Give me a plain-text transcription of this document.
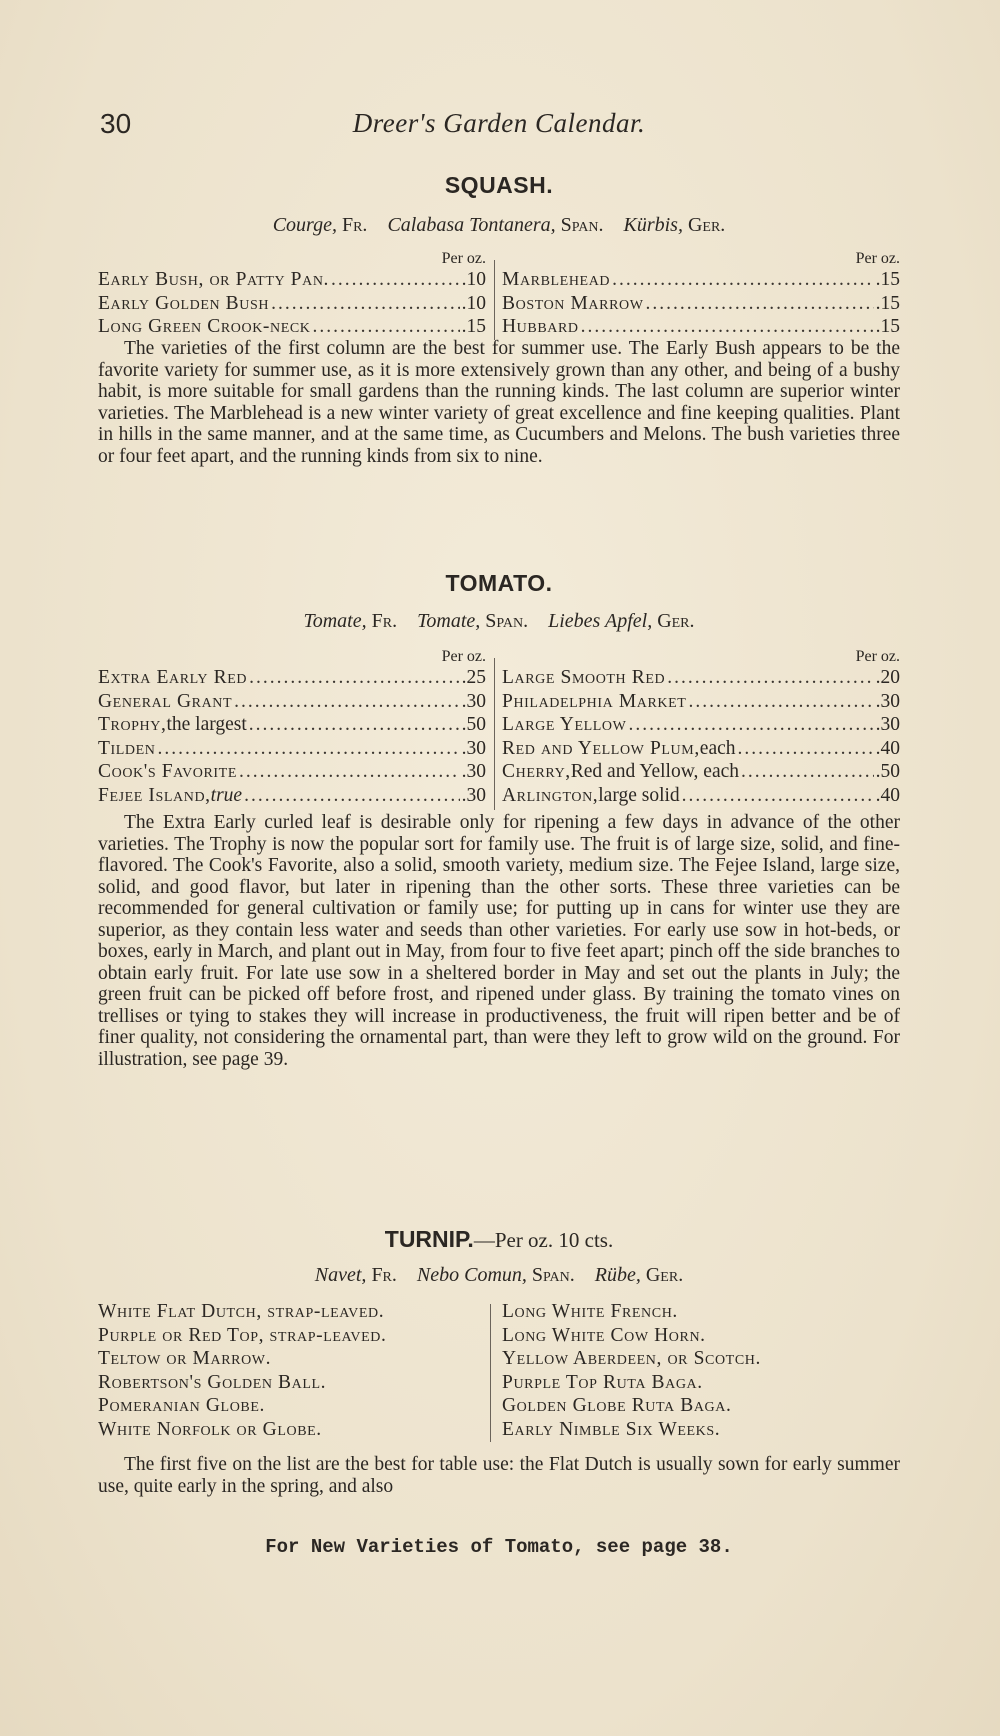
30	Dreer's Garden Calendar.
SQUASH.
Courge, Fr. Calabasa Tontanera, Span. Kürbis, Ger.
Per oz.
Early Bush, or Patty Pan. .....	.10
Early Golden Bush .....	.10
Long Green Crook-neck .....	.15
Per oz.
Marblehead .....	.15
Boston Marrow .....	.15
Hubbard .....	.15

The varieties of the first column are the best for summer use. The Early Bush appears to be the favorite variety for summer use, as it is more extensively grown than any other, and being of a bushy habit, is more suitable for small gardens than the running kinds. The last column are superior winter varieties. The Marblehead is a new winter variety of great excellence and fine keeping qualities. Plant in hills in the same manner, and at the same time, as Cucumbers and Melons. The bush varieties three or four feet apart, and the running kinds from six to nine.

TOMATO.
Tomate, Fr. Tomate, Span. Liebes Apfel, Ger.
Per oz.
Extra Early Red .....	.25
General Grant .....	.30
Trophy, the largest .....	.50
Tilden .....	.30
Cook's Favorite .....	.30
Fejee Island, true .....	.30
Per oz.
Large Smooth Red .....	.20
Philadelphia Market .....	.30
Large Yellow .....	.30
Red and Yellow Plum, each .....	.40
Cherry, Red and Yellow, each .....	.50
Arlington, large solid .....	.40

The Extra Early curled leaf is desirable only for ripening a few days in advance of the other varieties. The Trophy is now the popular sort for family use. The fruit is of large size, solid, and fine-flavored. The Cook's Favorite, also a solid, smooth variety, medium size. The Fejee Island, large size, solid, and good flavor, but later in ripening than the other sorts. These three varieties can be recommended for general cultivation or family use; for putting up in cans for winter use they are superior, as they contain less water and seeds than other varieties. For early use sow in hot-beds, or boxes, early in March, and plant out in May, from four to five feet apart; pinch off the side branches to obtain early fruit. For late use sow in a sheltered border in May and set out the plants in July; the green fruit can be picked off before frost, and ripened under glass. By training the tomato vines on trellises or tying to stakes they will increase in productiveness, the fruit will ripen better and be of finer quality, not considering the ornamental part, than were they left to grow wild on the ground. For illustration, see page 39.

TURNIP.—Per oz. 10 cts.
Navet, Fr. Nebo Comun, Span. Rübe, Ger.
White Flat Dutch, strap-leaved.
Purple or Red Top, strap-leaved.
Teltow or Marrow.
Robertson's Golden Ball.
Pomeranian Globe.
White Norfolk or Globe.
Long White French.
Long White Cow Horn.
Yellow Aberdeen, or Scotch.
Purple Top Ruta Baga.
Golden Globe Ruta Baga.
Early Nimble Six Weeks.

The first five on the list are the best for table use: the Flat Dutch is usually sown for early summer use, quite early in the spring, and also

For New Varieties of Tomato, see page 38.
